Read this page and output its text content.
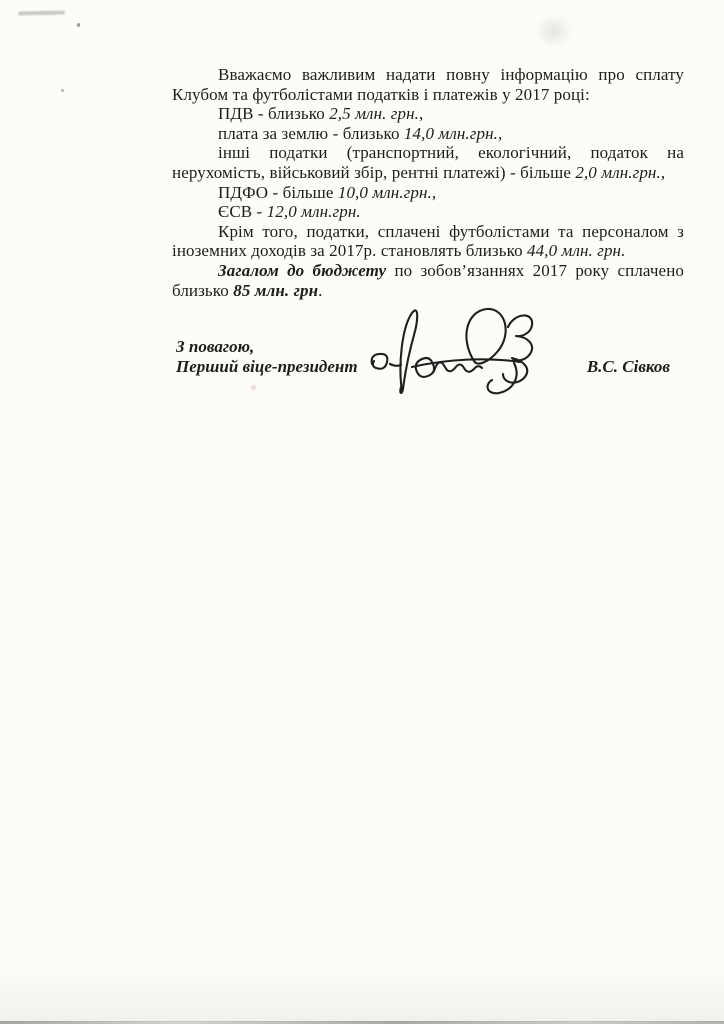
Вважаємо важливим надати повну інформацію про сплату
Клубом та футболістами податків і платежів у 2017 році:
ПДВ - близько 2,5 млн. грн.,
плата за землю - близько 14,0 млн.грн.,
інші податки (транспортний, екологічний, податок на
нерухомість, військовий збір, рентні платежі) - більше 2,0 млн.грн.,
ПДФО - більше 10,0 млн.грн.,
ЄСВ - 12,0 млн.грн.
Крім того, податки, сплачені футболістами та персоналом з
іноземних доходів за 2017р. становлять близько 44,0 млн. грн.
Загалом до бюджету по зобов’язаннях 2017 року сплачено
близько 85 млн. грн.
З повагою,
Перший віце-президент	В.С. Сівков
